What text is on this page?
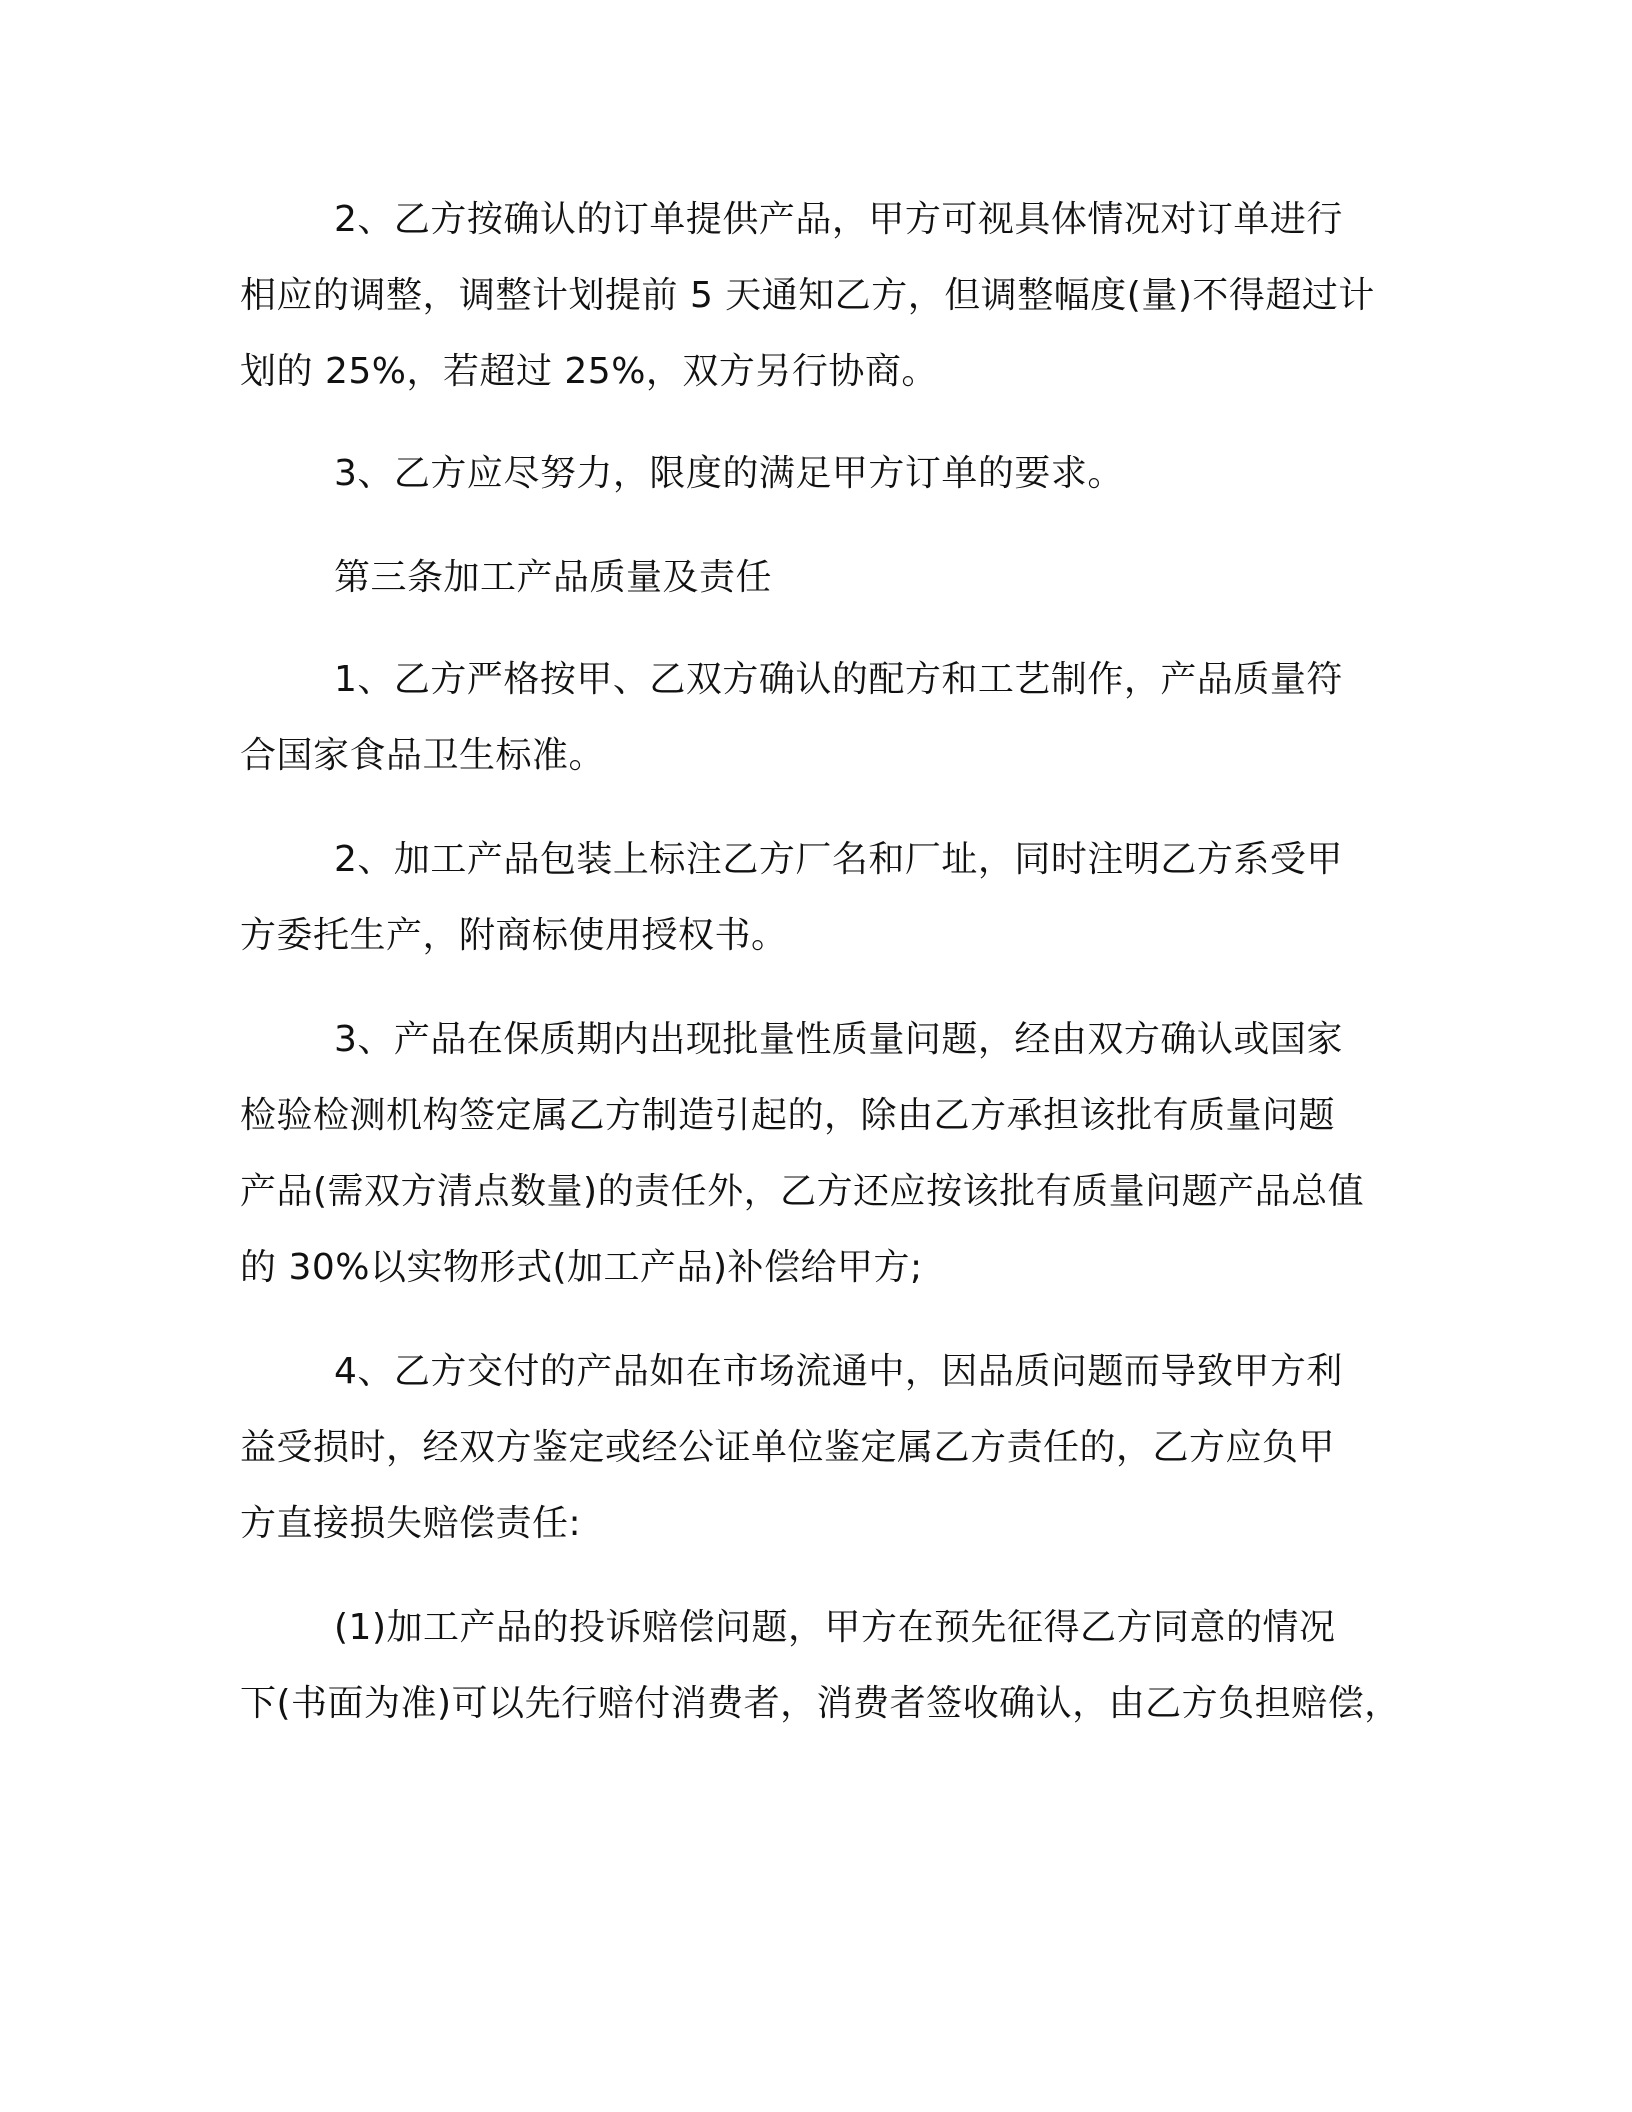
2、乙方按确认的订单提供产品，甲方可视具体情况对订单进行
相应的调整，调整计划提前 5 天通知乙方，但调整幅度(量)不得超过计
划的 25%，若超过 25%，双方另行协商。
3、乙方应尽努力，限度的满足甲方订单的要求。
第三条加工产品质量及责任
1、乙方严格按甲、乙双方确认的配方和工艺制作，产品质量符
合国家食品卫生标准。
2、加工产品包装上标注乙方厂名和厂址，同时注明乙方系受甲
方委托生产，附商标使用授权书。
3、产品在保质期内出现批量性质量问题，经由双方确认或国家
检验检测机构签定属乙方制造引起的，除由乙方承担该批有质量问题
产品(需双方清点数量)的责任外，乙方还应按该批有质量问题产品总值
的 30%以实物形式(加工产品)补偿给甲方;
4、乙方交付的产品如在市场流通中，因品质问题而导致甲方利
益受损时，经双方鉴定或经公证单位鉴定属乙方责任的，乙方应负甲
方直接损失赔偿责任:
(1)加工产品的投诉赔偿问题，甲方在预先征得乙方同意的情况
下(书面为准)可以先行赔付消费者，消费者签收确认，由乙方负担赔偿，
